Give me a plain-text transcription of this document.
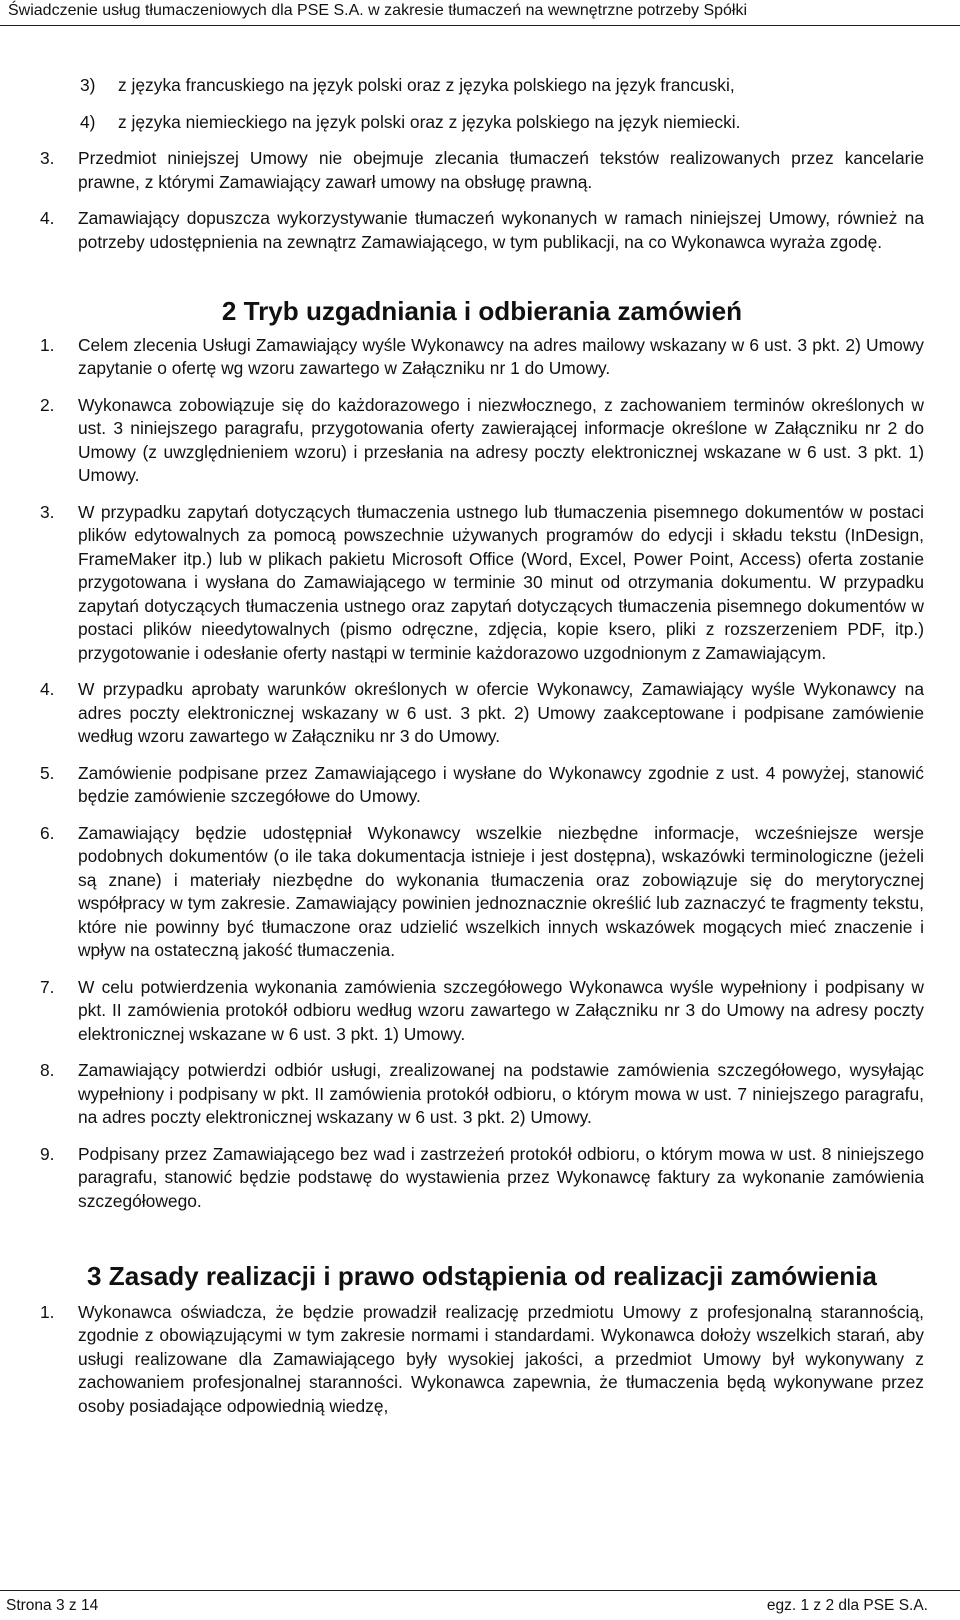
Świadczenie usług tłumaczeniowych dla PSE S.A. w zakresie tłumaczeń na wewnętrzne potrzeby Spółki
3)	z języka francuskiego na język polski oraz z języka polskiego na język francuski,
4)	z języka niemieckiego na język polski oraz z języka polskiego na język niemiecki.
3.	Przedmiot niniejszej Umowy nie obejmuje zlecania tłumaczeń tekstów realizowanych przez kancelarie prawne, z którymi Zamawiający zawarł umowy na obsługę prawną.
4.	Zamawiający dopuszcza wykorzystywanie tłumaczeń wykonanych w ramach niniejszej Umowy, również na potrzeby udostępnienia na zewnątrz Zamawiającego, w tym publikacji, na co Wykonawca wyraża zgodę.
2 Tryb uzgadniania i odbierania zamówień
1.	Celem zlecenia Usługi Zamawiający wyśle Wykonawcy na adres mailowy wskazany w 6 ust. 3 pkt. 2) Umowy zapytanie o ofertę wg wzoru zawartego w Załączniku nr 1 do Umowy.
2.	Wykonawca zobowiązuje się do każdorazowego i niezwłocznego, z zachowaniem terminów określonych w ust. 3 niniejszego paragrafu, przygotowania oferty zawierającej informacje określone w Załączniku nr 2 do Umowy (z uwzględnieniem wzoru) i przesłania na adresy poczty elektronicznej wskazane w 6 ust. 3 pkt. 1) Umowy.
3.	W przypadku zapytań dotyczących tłumaczenia ustnego lub tłumaczenia pisemnego dokumentów w postaci plików edytowalnych za pomocą powszechnie używanych programów do edycji i składu tekstu (InDesign, FrameMaker itp.) lub w plikach pakietu Microsoft Office (Word, Excel, Power Point, Access) oferta zostanie przygotowana i wysłana do Zamawiającego w terminie 30 minut od otrzymania dokumentu. W przypadku zapytań dotyczących tłumaczenia ustnego oraz zapytań dotyczących tłumaczenia pisemnego dokumentów w postaci plików nieedytowalnych (pismo odręczne, zdjęcia, kopie ksero, pliki z rozszerzeniem PDF, itp.) przygotowanie i odesłanie oferty nastąpi w terminie każdorazowo uzgodnionym z Zamawiającym.
4.	W przypadku aprobaty warunków określonych w ofercie Wykonawcy, Zamawiający wyśle Wykonawcy na adres poczty elektronicznej wskazany w 6 ust. 3 pkt. 2) Umowy zaakceptowane i podpisane zamówienie według wzoru zawartego w Załączniku nr 3 do Umowy.
5.	Zamówienie podpisane przez Zamawiającego i wysłane do Wykonawcy zgodnie z ust. 4 powyżej, stanowić będzie zamówienie szczegółowe do Umowy.
6.	Zamawiający będzie udostępniał Wykonawcy wszelkie niezbędne informacje, wcześniejsze wersje podobnych dokumentów (o ile taka dokumentacja istnieje i jest dostępna), wskazówki terminologiczne (jeżeli są znane) i materiały niezbędne do wykonania tłumaczenia oraz zobowiązuje się do merytorycznej współpracy w tym zakresie. Zamawiający powinien jednoznacznie określić lub zaznaczyć te fragmenty tekstu, które nie powinny być tłumaczone oraz udzielić wszelkich innych wskazówek mogących mieć znaczenie i wpływ na ostateczną jakość tłumaczenia.
7.	W celu potwierdzenia wykonania zamówienia szczegółowego Wykonawca wyśle wypełniony i podpisany w pkt. II zamówienia protokół odbioru według wzoru zawartego w Załączniku nr 3 do Umowy na adresy poczty elektronicznej wskazane w 6 ust. 3 pkt. 1) Umowy.
8.	Zamawiający potwierdzi odbiór usługi, zrealizowanej na podstawie zamówienia szczegółowego, wysyłając wypełniony i podpisany w pkt. II zamówienia protokół odbioru, o którym mowa w ust. 7 niniejszego paragrafu, na adres poczty elektronicznej wskazany w 6 ust. 3 pkt. 2) Umowy.
9.	Podpisany przez Zamawiającego bez wad i zastrzeżeń protokół odbioru, o którym mowa w ust. 8 niniejszego paragrafu, stanowić będzie podstawę do wystawienia przez Wykonawcę faktury za wykonanie zamówienia szczegółowego.
3 Zasady realizacji i prawo odstąpienia od realizacji zamówienia
1.	Wykonawca oświadcza, że będzie prowadził realizację przedmiotu Umowy z profesjonalną starannością, zgodnie z obowiązującymi w tym zakresie normami i standardami. Wykonawca dołoży wszelkich starań, aby usługi realizowane dla Zamawiającego były wysokiej jakości, a przedmiot Umowy był wykonywany z zachowaniem profesjonalnej staranności. Wykonawca zapewnia, że tłumaczenia będą wykonywane przez osoby posiadające odpowiednią wiedzę,
Strona 3 z 14	egz. 1 z 2 dla PSE S.A.
